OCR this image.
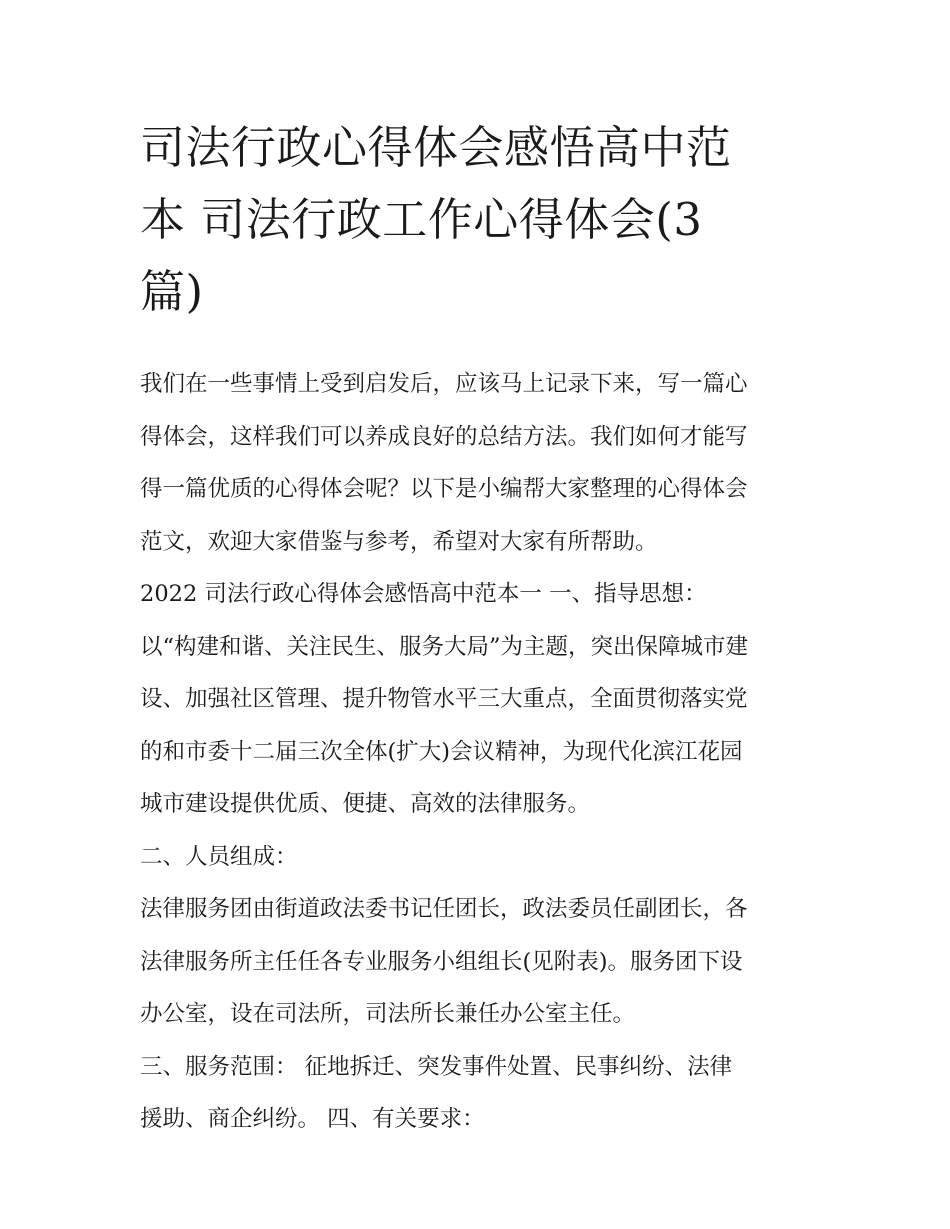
司法行政心得体会感悟高中范
本 司法行政工作心得体会(3
篇)

我们在一些事情上受到启发后，应该马上记录下来，写一篇心
得体会，这样我们可以养成良好的总结方法。我们如何才能写
得一篇优质的心得体会呢？以下是小编帮大家整理的心得体会
范文，欢迎大家借鉴与参考，希望对大家有所帮助。

2022 司法行政心得体会感悟高中范本一 一、指导思想：

以“构建和谐、关注民生、服务大局”为主题，突出保障城市建
设、加强社区管理、提升物管水平三大重点，全面贯彻落实党
的和市委十二届三次全体(扩大)会议精神，为现代化滨江花园
城市建设提供优质、便捷、高效的法律服务。

二、人员组成：

法律服务团由街道政法委书记任团长，政法委员任副团长，各
法律服务所主任任各专业服务小组组长(见附表)。服务团下设
办公室，设在司法所，司法所长兼任办公室主任。

三、服务范围： 征地拆迁、突发事件处置、民事纠纷、法律
援助、商企纠纷。 四、有关要求：
